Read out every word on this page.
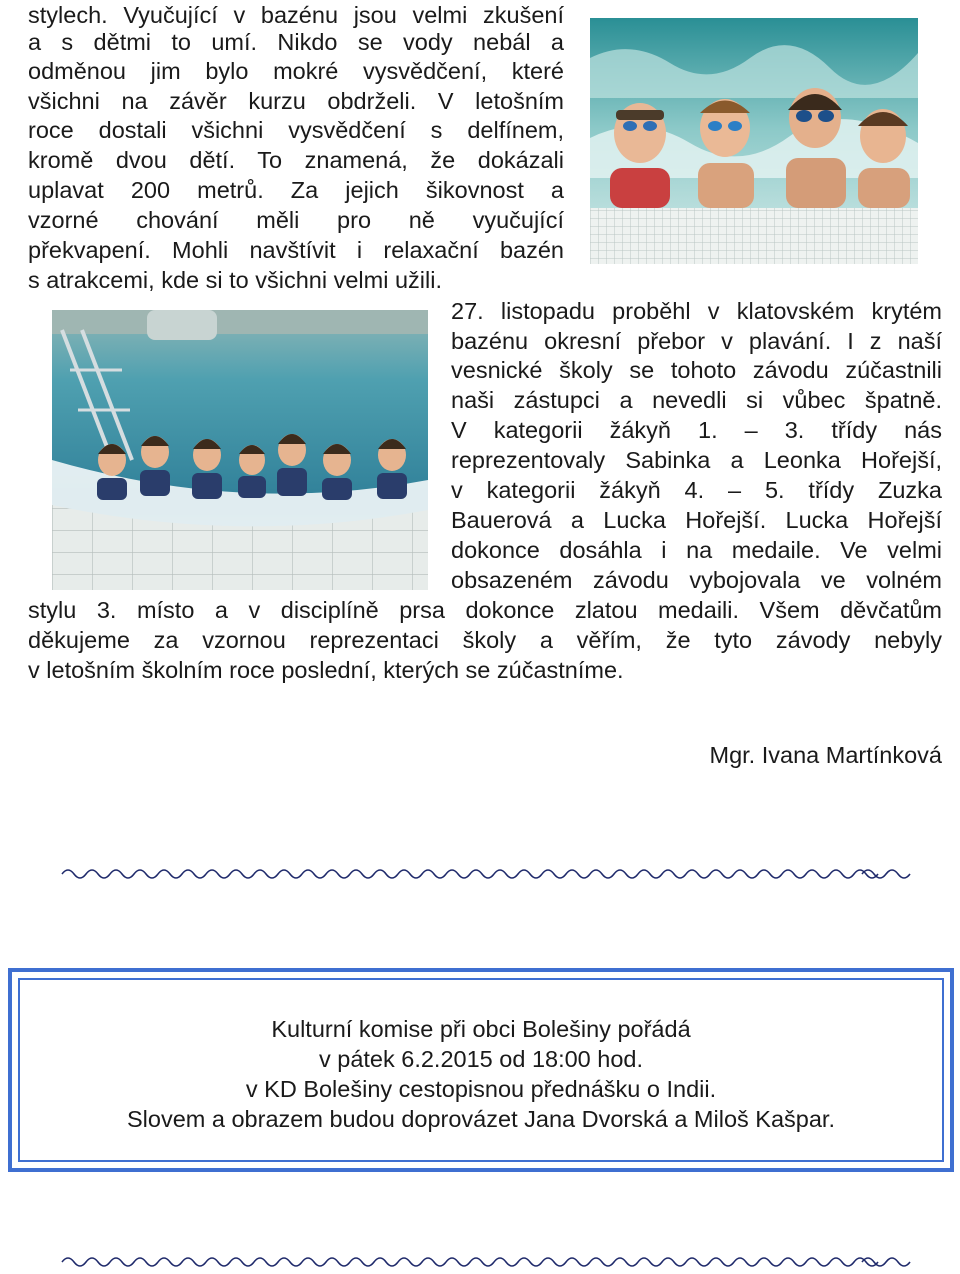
stylech. Vyučující v bazénu jsou velmi zkušení
a s dětmi to umí. Nikdo se vody nebál a
odměnou jim bylo mokré vysvědčení, které
všichni na závěr kurzu obdrželi. V letošním
roce dostali všichni vysvědčení s delfínem,
kromě dvou dětí. To znamená, že dokázali
uplavat 200 metrů. Za jejich šikovnost a
vzorné chování měli pro ně vyučující
překvapení. Mohli navštívit i relaxační bazén
s atrakcemi, kde si to všichni velmi užili.
27. listopadu proběhl v klatovském krytém
bazénu okresní přebor v plavání. I z naší
vesnické školy se tohoto závodu zúčastnili
naši zástupci a nevedli si vůbec špatně.
V kategorii žákyň 1. – 3. třídy nás
reprezentovaly Sabinka a Leonka Hořejší,
v kategorii žákyň 4. – 5. třídy Zuzka
Bauerová a Lucka Hořejší. Lucka Hořejší
dokonce dosáhla i na medaile. Ve velmi
obsazeném závodu vybojovala ve volném
stylu 3. místo a v disciplíně prsa dokonce zlatou medaili. Všem děvčatům
děkujeme za vzornou reprezentaci školy a věřím, že tyto závody nebyly
v letošním školním roce poslední, kterých se zúčastníme.
Mgr. Ivana Martínková
Kulturní komise při obci Bolešiny pořádá
v pátek 6.2.2015 od 18:00 hod.
v KD Bolešiny cestopisnou přednášku o Indii.
Slovem a obrazem budou doprovázet Jana Dvorská a Miloš Kašpar.
